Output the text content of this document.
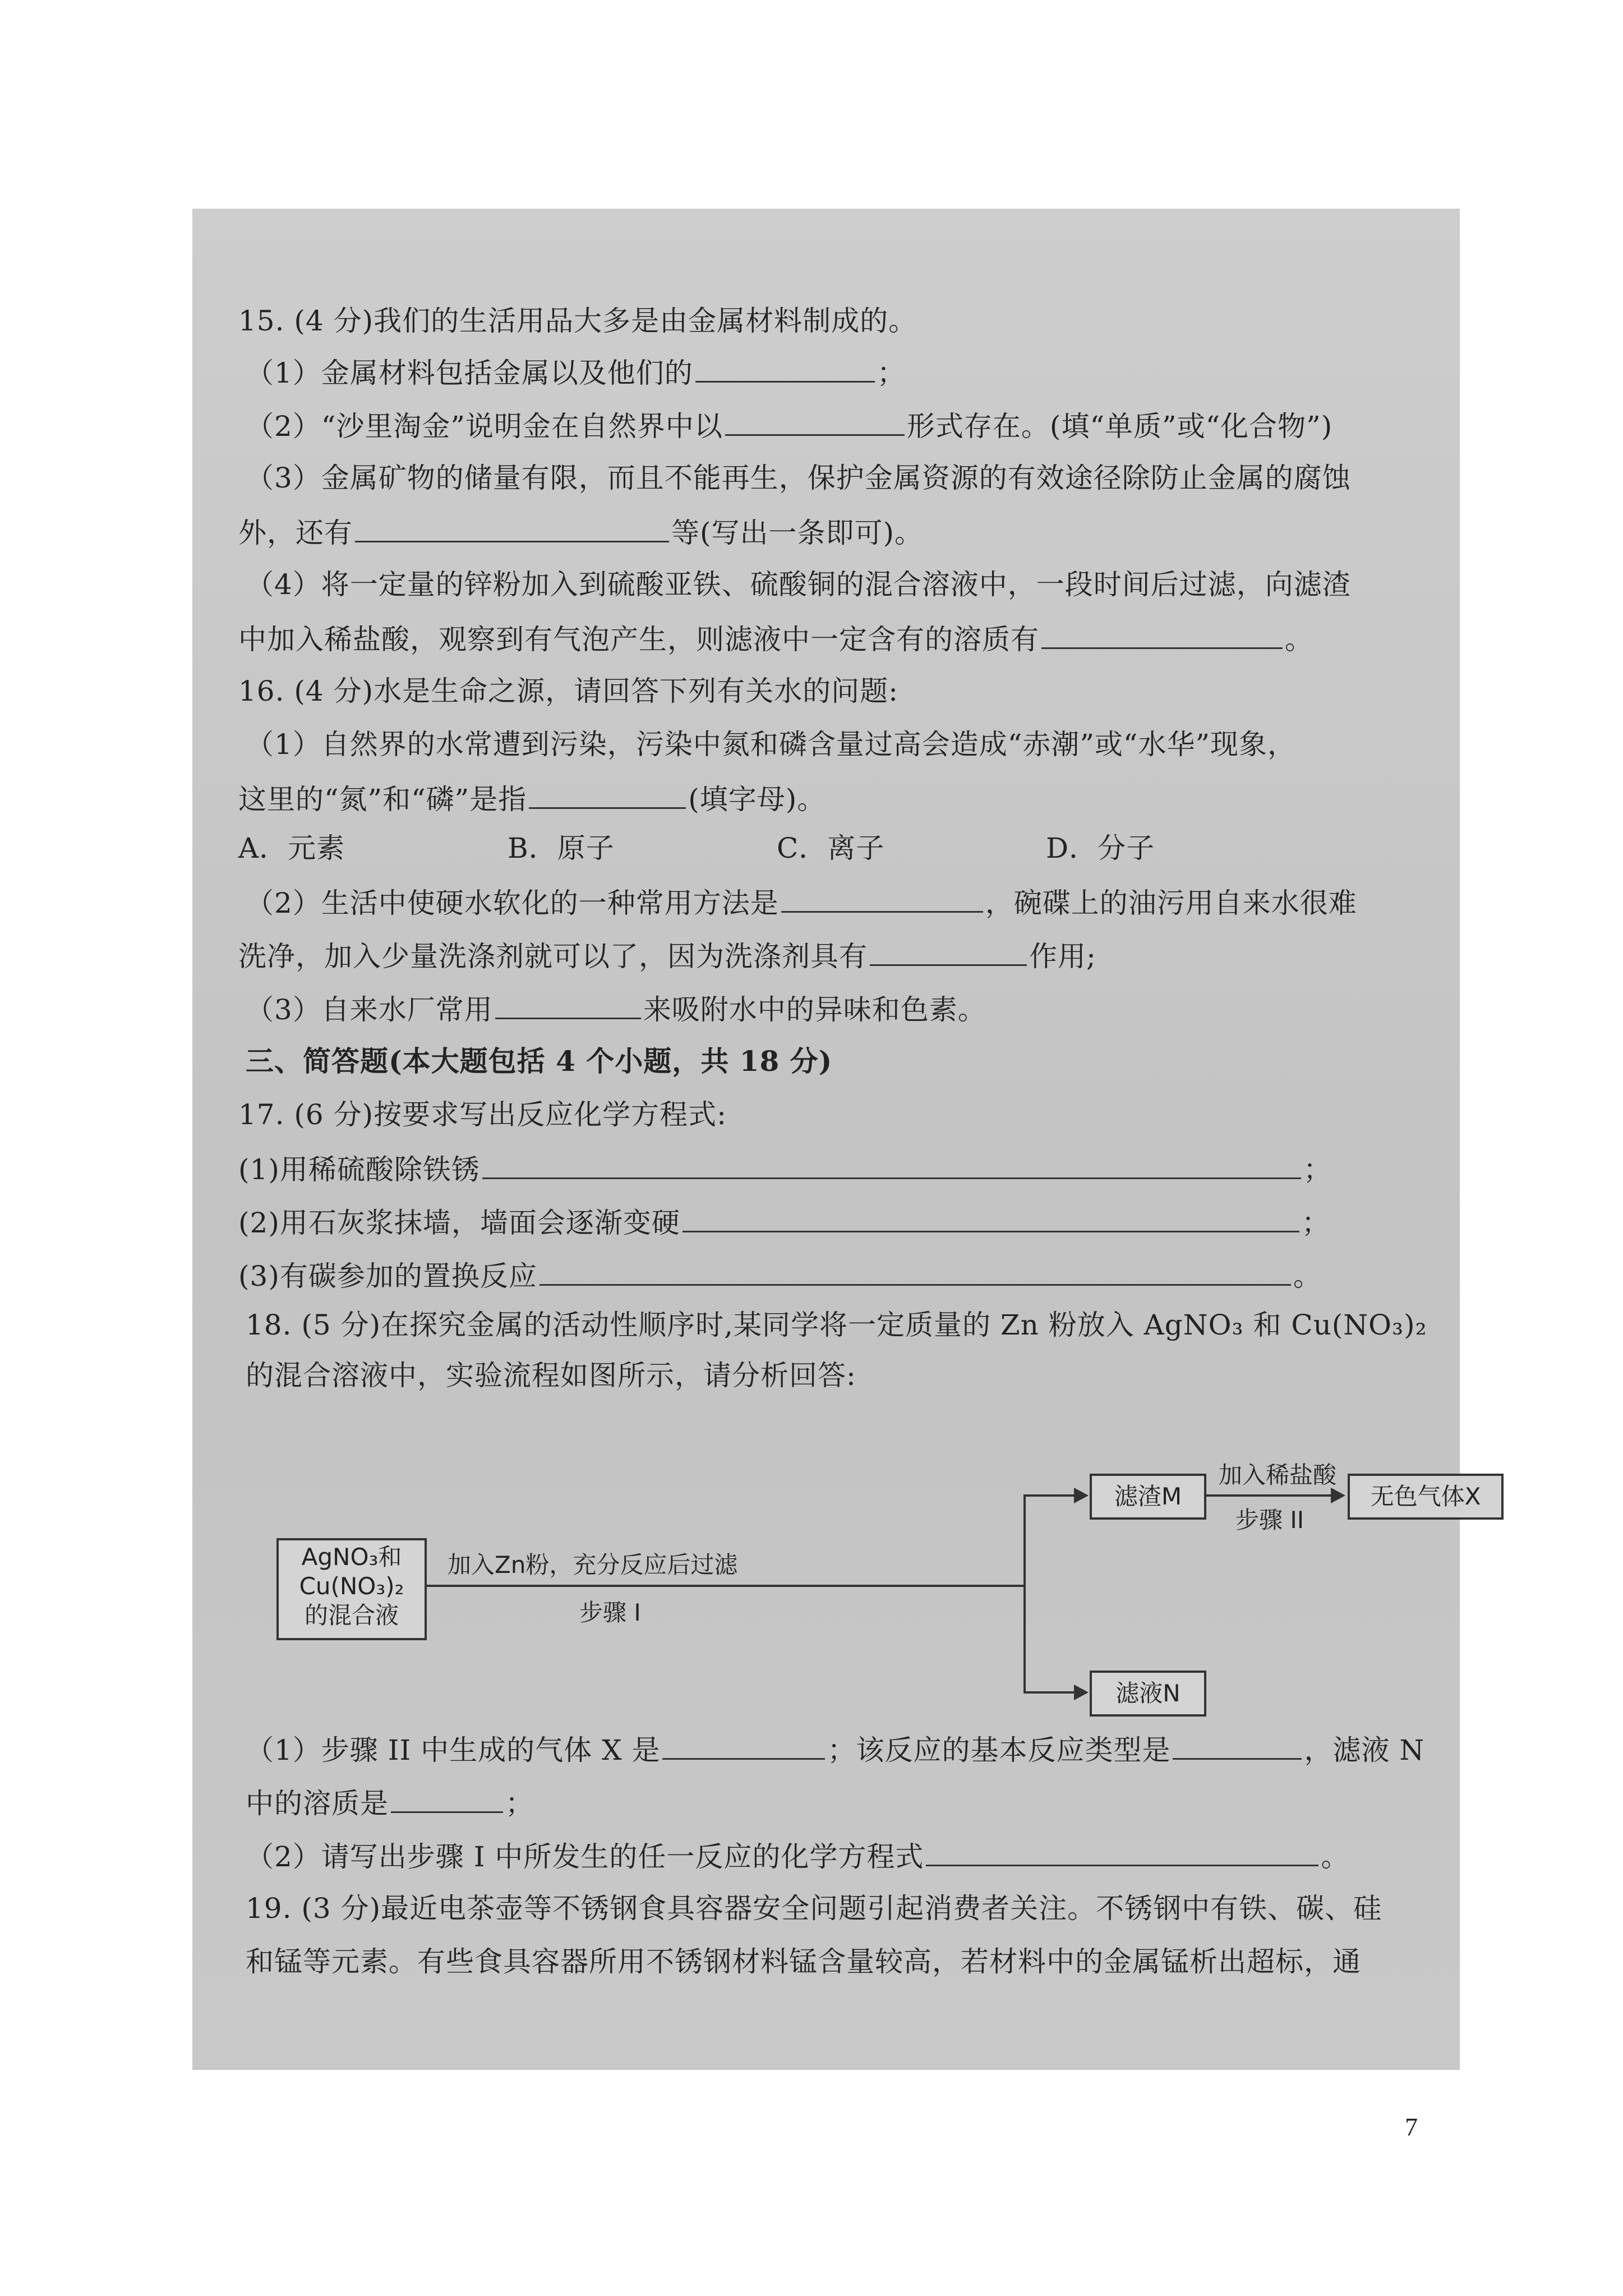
15. (4 分)我们的生活用品大多是由金属材料制成的。
（1）金属材料包括金属以及他们的	；
（2）“沙里淘金”说明金在自然界中以	形式存在。(填“单质”或“化合物”)
（3）金属矿物的储量有限，而且不能再生，保护金属资源的有效途径除防止金属的腐蚀
外，还有	等(写出一条即可)。
（4）将一定量的锌粉加入到硫酸亚铁、硫酸铜的混合溶液中，一段时间后过滤，向滤渣
中加入稀盐酸，观察到有气泡产生，则滤液中一定含有的溶质有	。
16. (4 分)水是生命之源，请回答下列有关水的问题:
（1）自然界的水常遭到污染，污染中氮和磷含量过高会造成“赤潮”或“水华”现象，
这里的“氮”和“磷”是指	(填字母)。
A．元素	B．原子	C．离子	D．分子
（2）生活中使硬水软化的一种常用方法是	，碗碟上的油污用自来水很难
洗净，加入少量洗涤剂就可以了，因为洗涤剂具有	作用;
（3）自来水厂常用	来吸附水中的异味和色素。
三、简答题(本大题包括 4 个小题，共 18 分)
17. (6 分)按要求写出反应化学方程式:
(1)用稀硫酸除铁锈	；
(2)用石灰浆抹墙，墙面会逐渐变硬	；
(3)有碳参加的置换反应	。
18. (5 分)在探究金属的活动性顺序时,某同学将一定质量的 Zn 粉放入 AgNO₃ 和 Cu(NO₃)₂
的混合溶液中，实验流程如图所示，请分析回答:
AgNO₃和
Cu(NO₃)₂
的混合液
加入Zn粉，充分反应后过滤
步骤 I
滤渣M
滤液N
加入稀盐酸
步骤 II
无色气体X
（1）步骤 II 中生成的气体 X 是	；该反应的基本反应类型是	，滤液 N
中的溶质是	；
（2）请写出步骤 I 中所发生的任一反应的化学方程式	。
19. (3 分)最近电茶壶等不锈钢食具容器安全问题引起消费者关注。不锈钢中有铁、碳、硅
和锰等元素。有些食具容器所用不锈钢材料锰含量较高，若材料中的金属锰析出超标，通
7
